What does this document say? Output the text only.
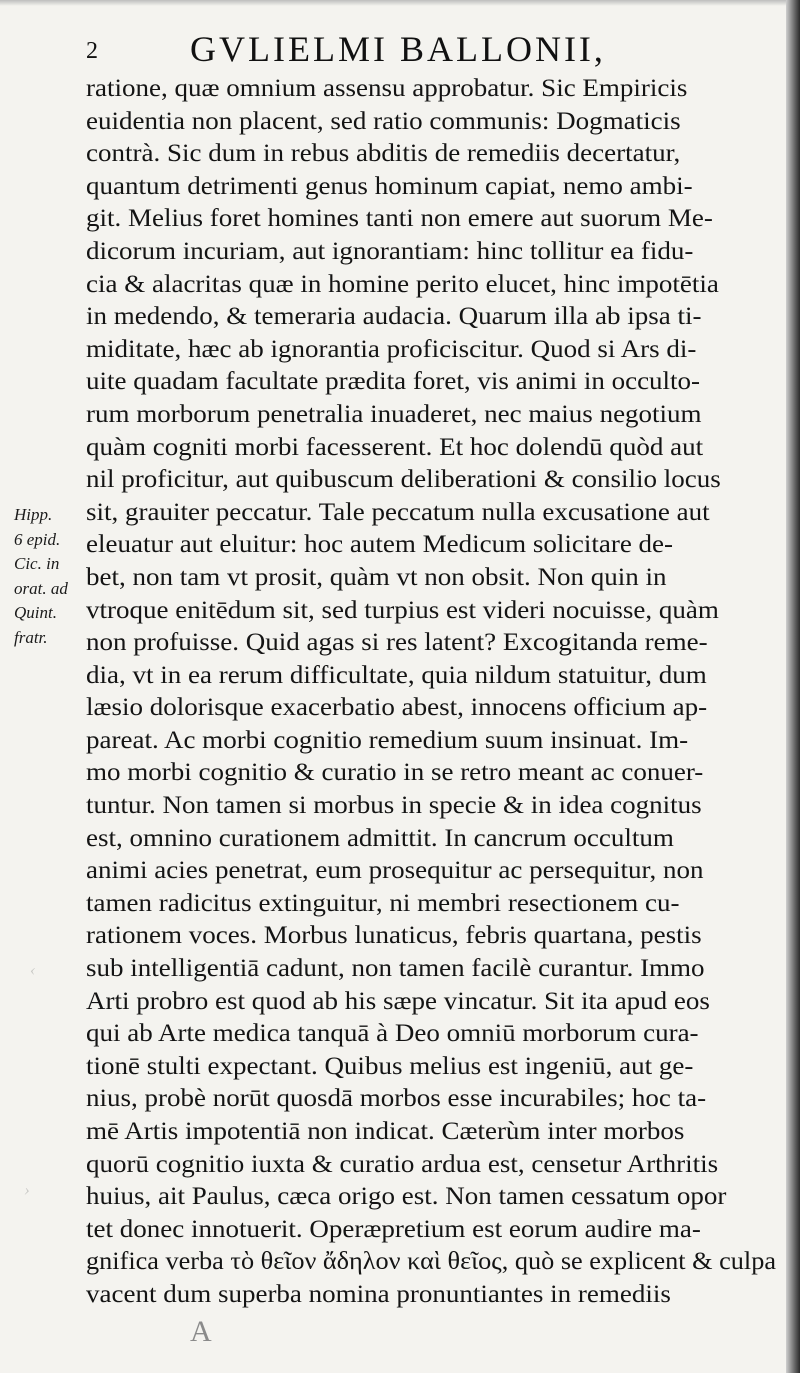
2	GVLIELMI BALLONII,
ratione, quæ omnium assensu approbatur. Sic Empiricis
euidentia non placent, sed ratio communis: Dogmaticis
contrà. Sic dum in rebus abditis de remediis decertatur,
quantum detrimenti genus hominum capiat, nemo ambi-
git. Melius foret homines tanti non emere aut suorum Me-
dicorum incuriam, aut ignorantiam: hinc tollitur ea fidu-
cia & alacritas quæ in homine perito elucet, hinc impotētia
in medendo, & temeraria audacia. Quarum illa ab ipsa ti-
miditate, hæc ab ignorantia proficiscitur. Quod si Ars di-
uite quadam facultate prædita foret, vis animi in occulto-
rum morborum penetralia inuaderet, nec maius negotium
quàm cogniti morbi facesserent. Et hoc dolendū quòd aut
nil proficitur, aut quibuscum deliberationi & consilio locus
sit, grauiter peccatur. Tale peccatum nulla excusatione aut
eleuatur aut eluitur: hoc autem Medicum solicitare de-
bet, non tam vt prosit, quàm vt non obsit. Non quin in
vtroque enitēdum sit, sed turpius est videri nocuisse, quàm
non profuisse. Quid agas si res latent? Excogitanda reme-
dia, vt in ea rerum difficultate, quia nildum statuitur, dum
læsio dolorisque exacerbatio abest, innocens officium ap-
pareat. Ac morbi cognitio remedium suum insinuat. Im-
mo morbi cognitio & curatio in se retro meant ac conuer-
tuntur. Non tamen si morbus in specie & in idea cognitus
est, omnino curationem admittit. In cancrum occultum
animi acies penetrat, eum prosequitur ac persequitur, non
tamen radicitus extinguitur, ni membri resectionem cu-
rationem voces. Morbus lunaticus, febris quartana, pestis
sub intelligentiā cadunt, non tamen facilè curantur. Immo
Arti probro est quod ab his sæpe vincatur. Sit ita apud eos
qui ab Arte medica tanquā à Deo omniū morborum cura-
tionē stulti expectant. Quibus melius est ingeniū, aut ge-
nius, probè norūt quosdā morbos esse incurabiles; hoc ta-
mē Artis impotentiā non indicat. Cæterùm inter morbos
quorū cognitio iuxta & curatio ardua est, censetur Arthritis
huius, ait Paulus, cæca origo est. Non tamen cessatum opor
tet donec innotuerit. Operæpretium est eorum audire ma-
gnifica verba τὸ θεῖον ἄδηλον καὶ θεῖος, quò se explicent & culpa
vacent dum superba nomina pronuntiantes in remediis
Hipp.
6 epid.
Cic. in
orat. ad
Quint.
fratr.
A
‹
›
